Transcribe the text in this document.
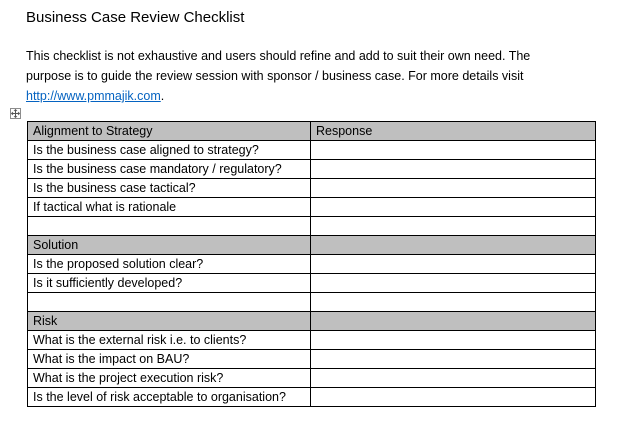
Business Case Review Checklist

This checklist is not exhaustive and users should refine and add to suit their own need. The

purpose is to guide the review session with sponsor / business case. For more details visit

http://www.pmmajik.com.

Alignment to Strategy	Response
Is the business case aligned to strategy?	
Is the business case mandatory / regulatory?	
Is the business case tactical?	
If tactical what is rationale	

Solution	
Is the proposed solution clear?	
Is it sufficiently developed?	

Risk	
What is the external risk i.e. to clients?	
What is the impact on BAU?	
What is the project execution risk?	
Is the level of risk acceptable to organisation?	
